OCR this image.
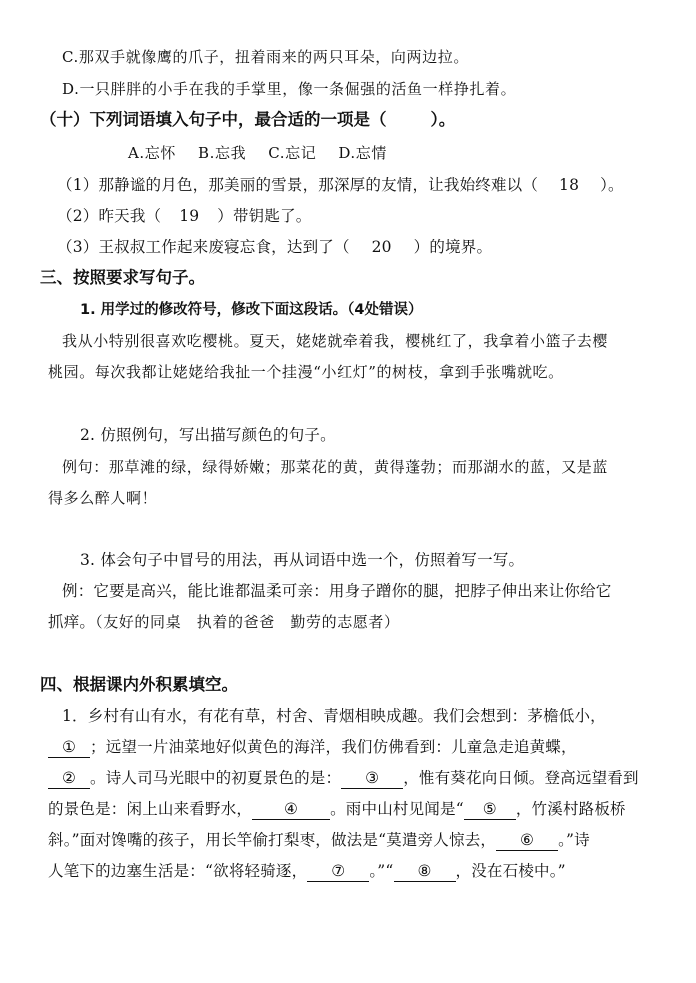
C.那双手就像鹰的爪子，扭着雨来的两只耳朵，向两边拉。
D.一只胖胖的小手在我的手掌里，像一条倔强的活鱼一样挣扎着。
（十）下列词语填入句子中，最合适的一项是（	）。
A.忘怀 B.忘我 C.忘记 D.忘情
（1）那静谧的月色，那美丽的雪景，那深厚的友情，让我始终难以（ 18 ）。
（2）昨天我（ 19 ）带钥匙了。
（3）王叔叔工作起来废寝忘食，达到了（ 20 ）的境界。
三、按照要求写句子。
1. 用学过的修改符号，修改下面这段话。（4处错误）
我从小特别很喜欢吃樱桃。夏天，姥姥就牵着我，樱桃红了，我拿着小篮子去樱
桃园。每次我都让姥姥给我扯一个挂漫“小红灯”的树枝，拿到手张嘴就吃。
2. 仿照例句，写出描写颜色的句子。
例句：那草滩的绿，绿得娇嫩；那菜花的黄，黄得蓬勃；而那湖水的蓝，又是蓝
得多么醉人啊！
3. 体会句子中冒号的用法，再从词语中选一个，仿照着写一写。
例：它要是高兴，能比谁都温柔可亲：用身子蹭你的腿，把脖子伸出来让你给它
抓痒。（友好的同桌　执着的爸爸　勤劳的志愿者）
四、根据课内外积累填空。
1．乡村有山有水，有花有草，村舍、青烟相映成趣。我们会想到：茅檐低小，
① ；远望一片油菜地好似黄色的海洋，我们仿佛看到：儿童急走追黄蝶，
② 。诗人司马光眼中的初夏景色的是： ③ ，惟有葵花向日倾。登高远望看到
的景色是：闲上山来看野水， ④ 。雨中山村见闻是“ ⑤ ，竹溪村路板桥
斜。”面对馋嘴的孩子，用长竿偷打梨枣，做法是“莫遣旁人惊去， ⑥ 。”诗
人笔下的边塞生活是：“欲将轻骑逐， ⑦ 。”“ ⑧ ，没在石棱中。”
